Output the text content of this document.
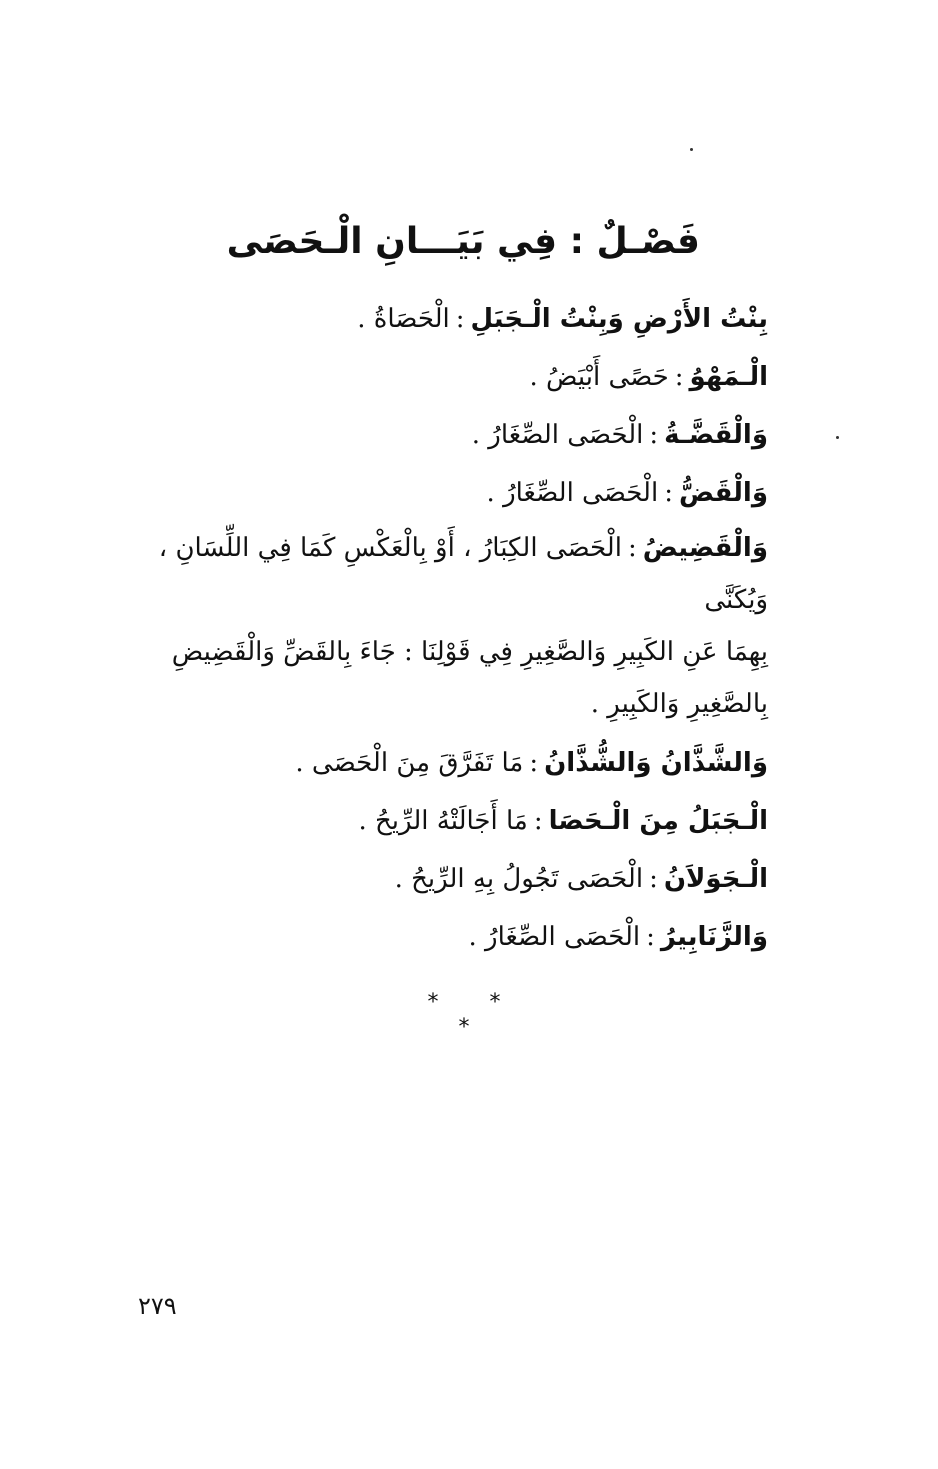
فَصْـلٌ : فِي بَيَـــانِ الْـحَصَى
بِنْتُ الأَرْضِ وَبِنْتُ الْـجَبَلِ:الْحَصَاةُ .
الْـمَهْوُ:حَصًى أَبْيَضُ .
وَالْقَضَّـةُ:الْحَصَى الصِّغَارُ .
وَالْقَضُّ:الْحَصَى الصِّغَارُ .
وَالْقَضِيضُ:الْحَصَى الكِبَارُ ، أَوْ بِالْعَكْسِ كَمَا فِي اللِّسَانِ ، وَيُكَنَّى
بِهِمَا عَنِ الكَبِيرِ وَالصَّغِيرِ فِي قَوْلِنَا : جَاءَ بِالقَضِّ وَالْقَضِيضِ بِالصَّغِيرِ وَالكَبِيرِ .
وَالشَّذَّانُ وَالشُّذَّانُ:مَا تَفَرَّقَ مِنَ الْحَصَى .
الْـجَبَلُ مِنَ الْـحَصَا:مَا أَجَالَتْهُ الرِّيحُ .
الْـجَوَلاَنُ:الْحَصَى تَجُولُ بِهِ الرِّيحُ .
وَالزَّنَابِيرُ:الْحَصَى الصِّغَارُ .
* * *
٢٧٩
